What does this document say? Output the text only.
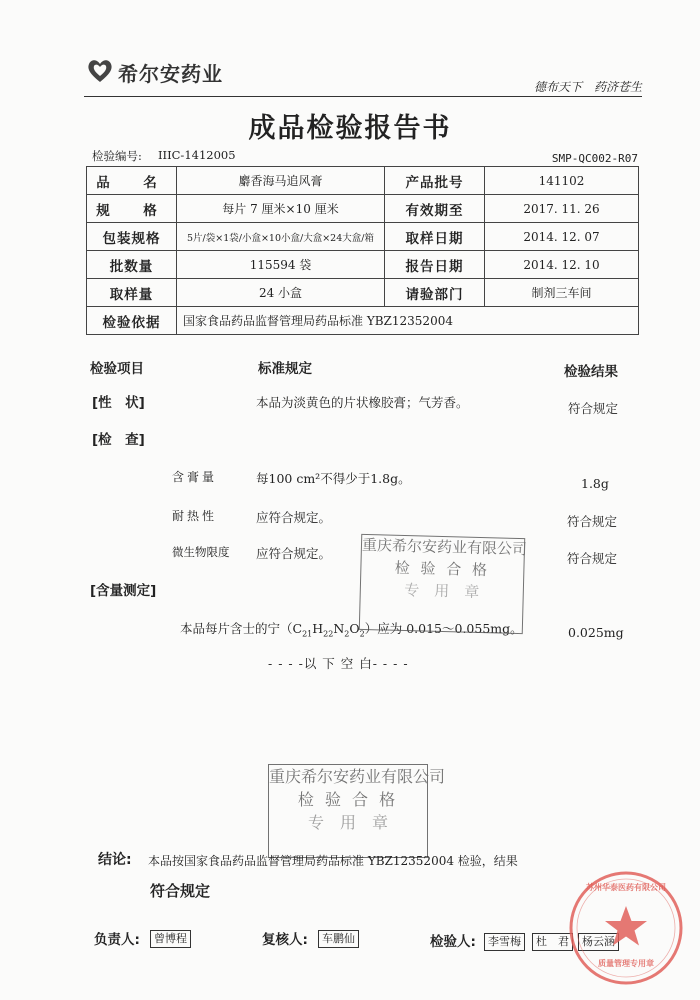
希尔安药业
德布天下　药济苍生
成品检验报告书
检验编号: IIIC-1412005	SMP-QC002-R07
品　名	麝香海马追风膏	产品批号	141102
规　格	每片 7 厘米×10 厘米	有效期至	2017. 11. 26
包装规格	5片/袋×1袋/小盒×10小盒/大盒×24大盒/箱	取样日期	2014. 12. 07
批数量	115594 袋	报告日期	2014. 12. 10
取样量	24 小盒	请验部门	制剂三车间
检验依据	国家食品药品监督管理局药品标准 YBZ12352004		
检验项目	标准规定	检验结果
[性　状]	本品为淡黄色的片状橡胶膏；气芳香。	符合规定
[检　查]
含膏量	每100 cm²不得少于1.8g。	1.8g
耐热性	应符合规定。	符合规定
微生物限度 应符合规定。	符合规定
[含量测定]
本品每片含士的宁$(C_{21}H_{22}N_2O_2)$应为 0.015～0.055mg。	0.025mg
- - - -以 下 空 白- - - -
重庆希尔安药业有限公司
检 验 合 格
专　用　章
重庆希尔安药业有限公司
检 验 合 格
专　用　章
结论: 本品按国家食品药品监督管理局药品标准 YBZ12352004 检验，结果
符合规定
负责人:	曾博程	复核人:	车鹏仙	检验人:	李雪梅	杜　君	杨云涵
质量管理专用章
苏州华泰医药有限公司
